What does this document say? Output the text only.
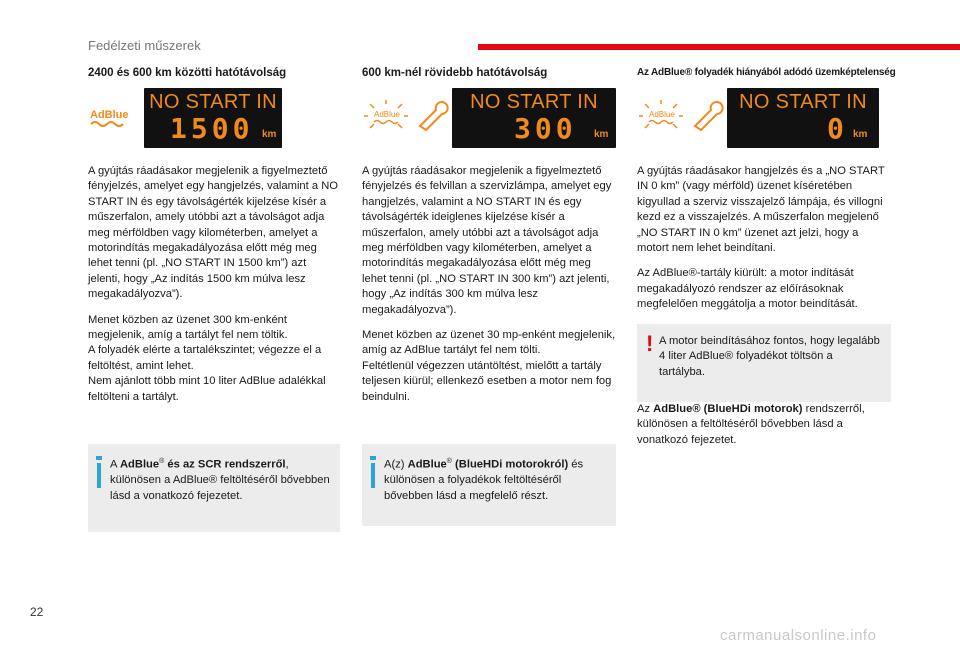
Fedélzeti műszerek
2400 és 600 km közötti hatótávolság
AdBlue
NO START IN
1500 km

A gyújtás ráadásakor megjelenik a figyelmeztető fényjelzés, amelyet egy hangjelzés, valamint a NO START IN és egy távolságérték kijelzése kísér a műszerfalon, amely utóbbi azt a távolságot adja meg mérföldben vagy kilométerben, amelyet a motorindítás megakadályozása előtt még meg lehet tenni (pl. „NO START IN 1500 km”) azt jelenti, hogy „Az indítás 1500 km múlva lesz megakadályozva”).

Menet közben az üzenet 300 km-enként megjelenik, amíg a tartályt fel nem töltik.

A folyadék elérte a tartalékszintet; végezze el a feltöltést, amint lehet.

Nem ajánlott több mint 10 liter AdBlue adalékkal feltölteni a tartályt.

A AdBlue® és az SCR rendszerről, különösen a AdBlue® feltöltéséről bővebben lásd a vonatkozó fejezetet.
600 km-nél rövidebb hatótávolság
AdBlue
NO START IN
300 km

A gyújtás ráadásakor megjelenik a figyelmeztető fényjelzés és felvillan a szervizlámpa, amelyet egy hangjelzés, valamint a NO START IN és egy távolságérték ideiglenes kijelzése kísér a műszerfalon, amely utóbbi azt a távolságot adja meg mérföldben vagy kilométerben, amelyet a motorindítás megakadályozása előtt még meg lehet tenni (pl. „NO START IN 300 km”) azt jelenti, hogy „Az indítás 300 km múlva lesz megakadályozva”).

Menet közben az üzenet 30 mp-enként megjelenik, amíg az AdBlue tartályt fel nem tölti.

Feltétlenül végezzen utántöltést, mielőtt a tartály teljesen kiürül; ellenkező esetben a motor nem fog beindulni.

A(z) AdBlue® (BlueHDi motorokról) és különösen a folyadékok feltöltéséről bővebben lásd a megfelelő részt.
Az AdBlue® folyadék hiányából adódó üzemképtelenség
AdBlue
NO START IN
0 km

A gyújtás ráadásakor hangjelzés és a „NO START IN 0 km” (vagy mérföld) üzenet kíséretében kigyullad a szerviz visszajelző lámpája, és villogni kezd ez a visszajelzés. A műszerfalon megjelenő „NO START IN 0 km” üzenet azt jelzi, hogy a motort nem lehet beindítani.

Az AdBlue®-tartály kiürült: a motor indítását megakadályozó rendszer az előírásoknak megfelelően meggátolja a motor beindítását.

! A motor beindításához fontos, hogy legalább 4 liter AdBlue® folyadékot töltsön a tartályba.

Az AdBlue® (BlueHDi motorok) rendszerről, különösen a feltöltéséről bővebben lásd a vonatkozó fejezetet.

22
carmanualsonline.info
